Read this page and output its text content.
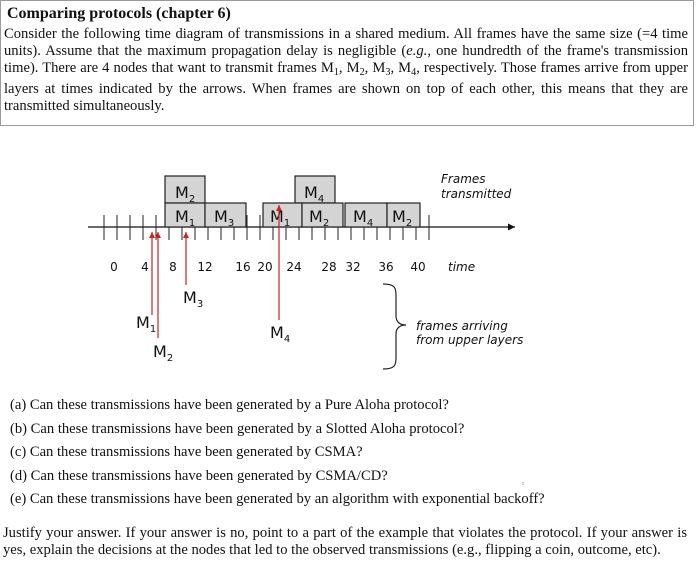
Comparing protocols (chapter 6)
Consider the following time diagram of transmissions in a shared medium. All frames have the same size (=4 time units). Assume that the maximum propagation delay is negligible (e.g., one hundredth of the frame's transmission time). There are 4 nodes that want to transmit frames $M_1$, $M_2$, $M_3$, $M_4$, respectively. Those frames arrive from upper layers at times indicated by the arrows. When frames are shown on top of each other, this means that they are transmitted simultaneously.
$M_2$
$M_1$ $M_3$
$M_4$
$M_1$ $M_2$ $M_4$ $M_2$
0 4 8 12 16 20 24 28 32 36 40 time
Frames
transmitted
$M_1$
$M_2$
$M_3$
$M_4$
frames arriving
from upper layers
(a) Can these transmissions have been generated by a Pure Aloha protocol?
(b) Can these transmissions have been generated by a Slotted Aloha protocol?
(c) Can these transmissions have been generated by CSMA?
(d) Can these transmissions have been generated by CSMA/CD?
(e) Can these transmissions have been generated by an algorithm with exponential backoff?
²
Justify your answer. If your answer is no, point to a part of the example that violates the protocol. If your answer is yes, explain the decisions at the nodes that led to the observed transmissions (e.g., flipping a coin, outcome, etc).
